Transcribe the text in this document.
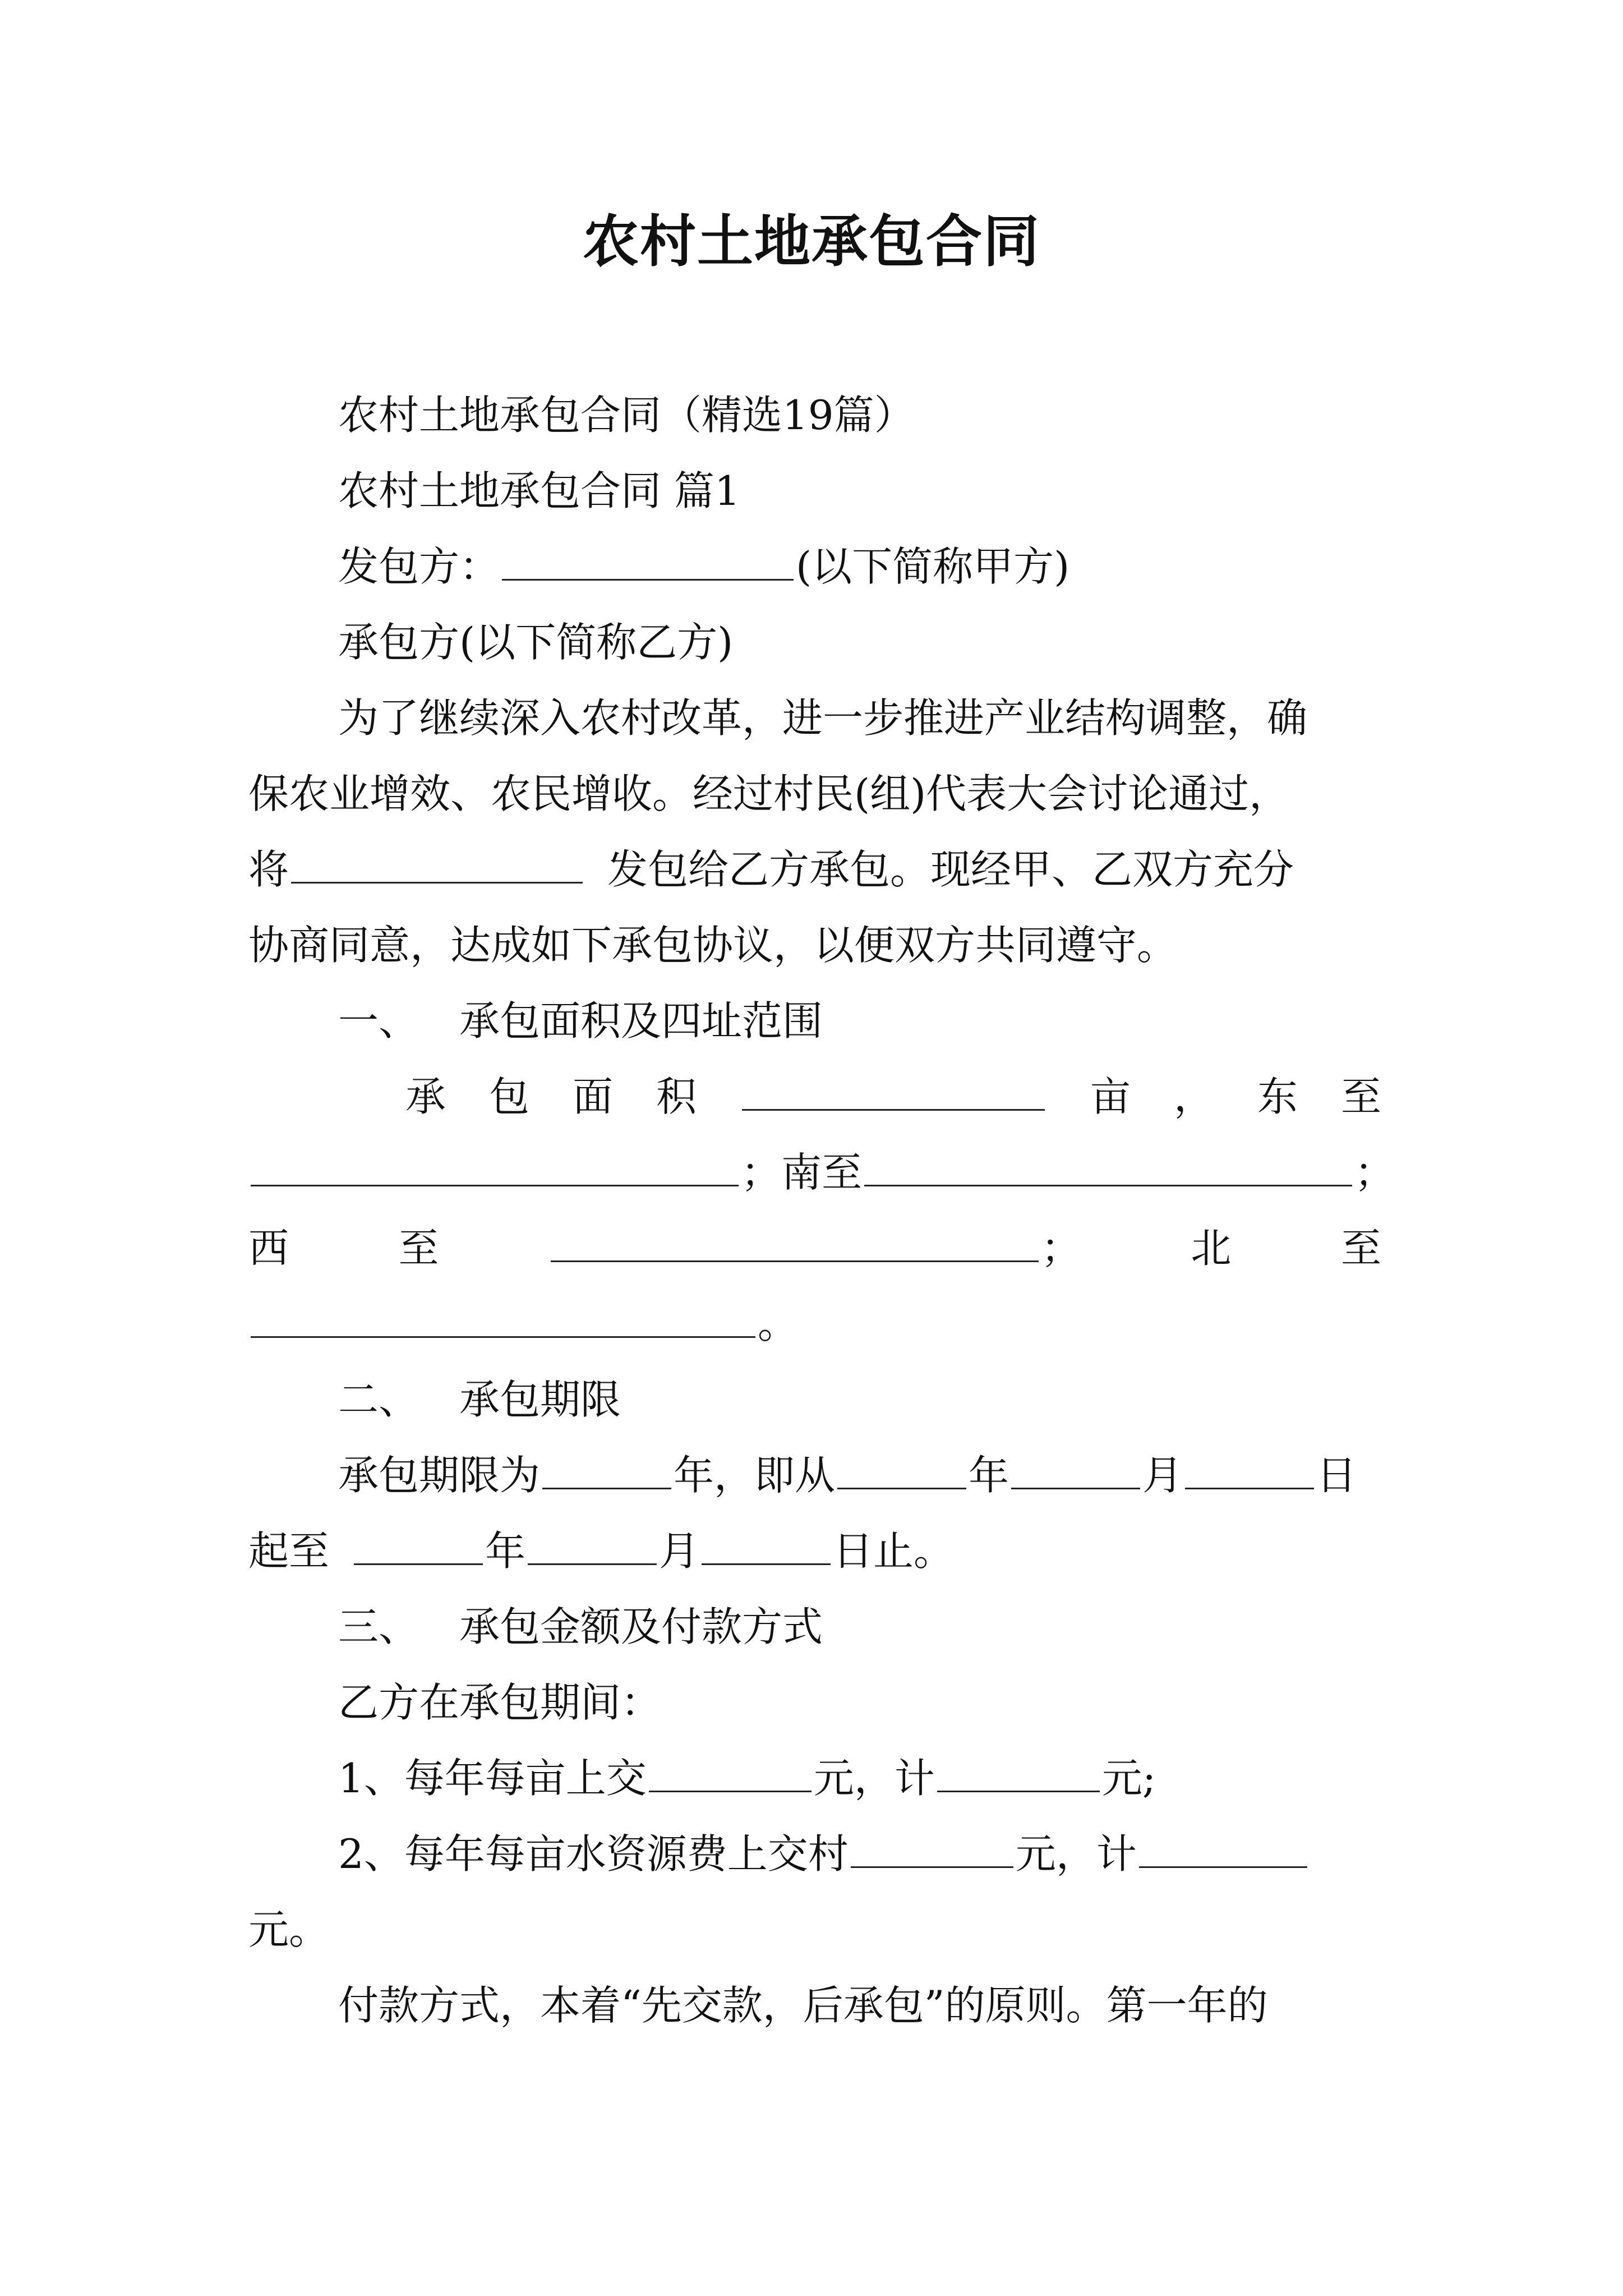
农村土地承包合同
农村土地承包合同（精选19篇）
农村土地承包合同 篇1
发包方：	(以下简称甲方)
承包方(以下简称乙方)
为了继续深入农村改革，进一步推进产业结构调整，确
保农业增效、农民增收。经过村民(组)代表大会讨论通过，
将	发包给乙方承包。现经甲、乙双方充分
协商同意，达成如下承包协议，以便双方共同遵守。
一、 承包面积及四址范围
承 包 面 积	亩 ， 东 至
；南至	；
西	至	；	北	至
。
二、 承包期限
承包期限为	年，即从	年	月	日
起至	年	月	日止。
三、 承包金额及付款方式
乙方在承包期间：
1、每年每亩上交	元，计	元;
2、每年每亩水资源费上交村	元，计
元。
付款方式，本着“先交款，后承包”的原则。第一年的
